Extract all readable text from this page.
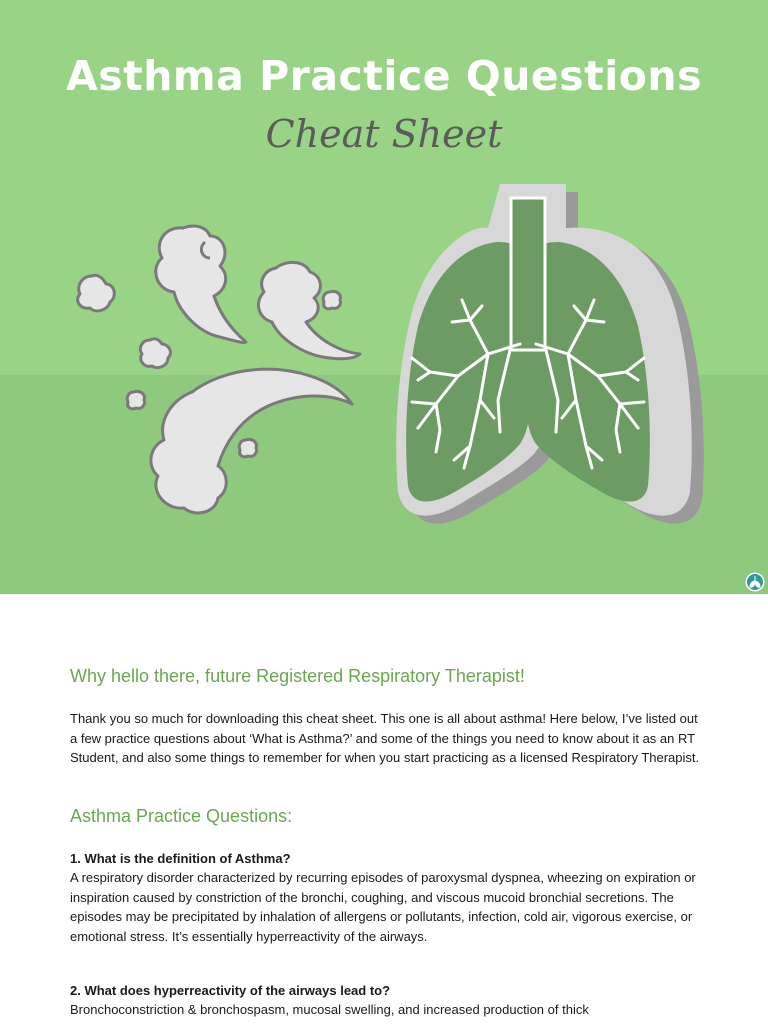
Asthma Practice Questions
Cheat Sheet
Why hello there, future Registered Respiratory Therapist!

Thank you so much for downloading this cheat sheet. This one is all about asthma! Here below, I’ve listed out a few practice questions about ‘What is Asthma?’ and some of the things you need to know about it as an RT Student, and also some things to remember for when you start practicing as a licensed Respiratory Therapist.

Asthma Practice Questions:

1. What is the definition of Asthma?

A respiratory disorder characterized by recurring episodes of paroxysmal dyspnea, wheezing on expiration or inspiration caused by constriction of the bronchi, coughing, and viscous mucoid bronchial secretions. The episodes may be precipitated by inhalation of allergens or pollutants, infection, cold air, vigorous exercise, or emotional stress. It’s essentially hyperreactivity of the airways.

2. What does hyperreactivity of the airways lead to?

Bronchoconstriction & bronchospasm, mucosal swelling, and increased production of thick
